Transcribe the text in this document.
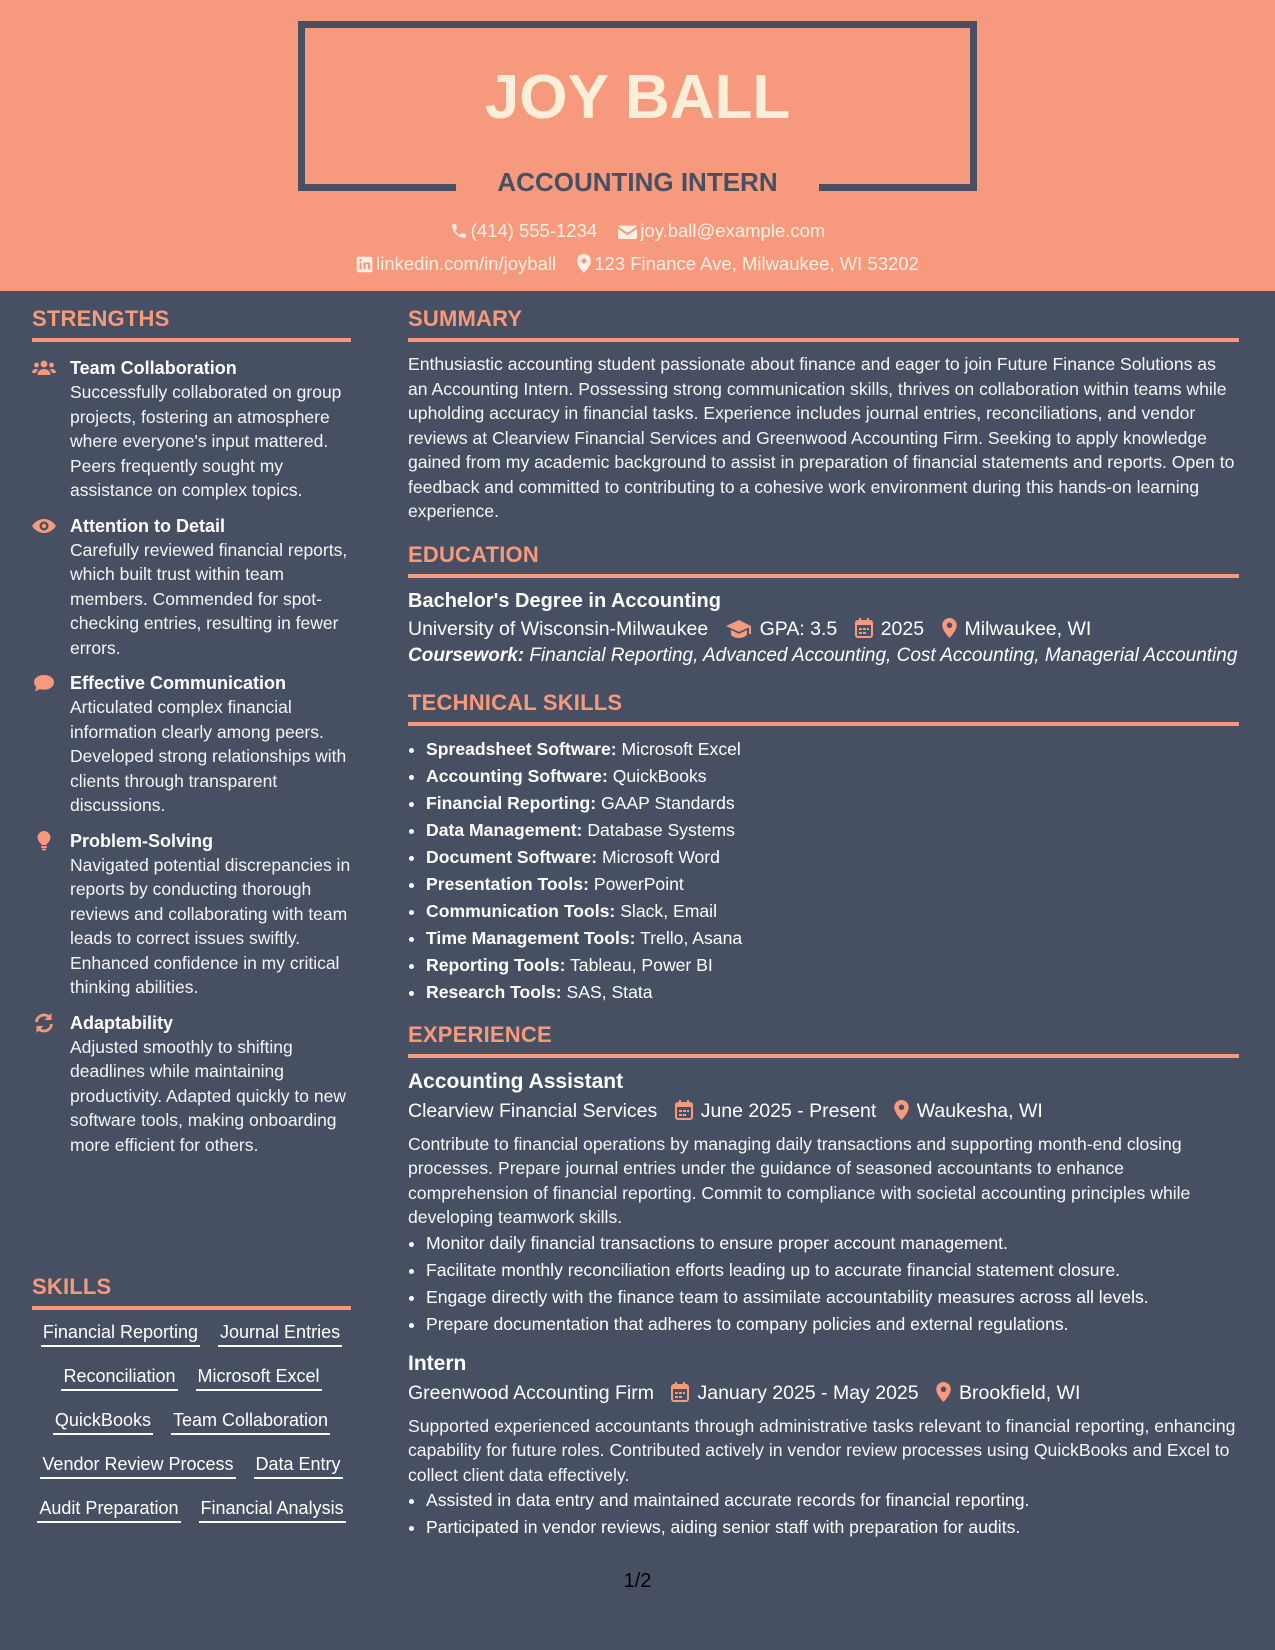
JOY BALL
ACCOUNTING INTERN
(414) 555-1234 joy.ball@example.com
linkedin.com/in/joyball 123 Finance Ave, Milwaukee, WI 53202
STRENGTHS
Team Collaboration
Successfully collaborated on group projects, fostering an atmosphere where everyone's input mattered. Peers frequently sought my assistance on complex topics.
Attention to Detail
Carefully reviewed financial reports, which built trust within team members. Commended for spot-checking entries, resulting in fewer errors.
Effective Communication
Articulated complex financial information clearly among peers. Developed strong relationships with clients through transparent discussions.
Problem-Solving
Navigated potential discrepancies in reports by conducting thorough reviews and collaborating with team leads to correct issues swiftly. Enhanced confidence in my critical thinking abilities.
Adaptability
Adjusted smoothly to shifting deadlines while maintaining productivity. Adapted quickly to new software tools, making onboarding more efficient for others.
SKILLS
Financial Reporting Journal Entries
Reconciliation Microsoft Excel
QuickBooks Team Collaboration
Vendor Review Process Data Entry
Audit Preparation Financial Analysis
SUMMARY
Enthusiastic accounting student passionate about finance and eager to join Future Finance Solutions as an Accounting Intern. Possessing strong communication skills, thrives on collaboration within teams while upholding accuracy in financial tasks. Experience includes journal entries, reconciliations, and vendor reviews at Clearview Financial Services and Greenwood Accounting Firm. Seeking to apply knowledge gained from my academic background to assist in preparation of financial statements and reports. Open to feedback and committed to contributing to a cohesive work environment during this hands-on learning experience.
EDUCATION
Bachelor's Degree in Accounting
University of Wisconsin-Milwaukee	GPA: 3.5 2025 Milwaukee, WI
Coursework: Financial Reporting, Advanced Accounting, Cost Accounting, Managerial Accounting
TECHNICAL SKILLS
• Spreadsheet Software: Microsoft Excel
• Accounting Software: QuickBooks
• Financial Reporting: GAAP Standards
• Data Management: Database Systems
• Document Software: Microsoft Word
• Presentation Tools: PowerPoint
• Communication Tools: Slack, Email
• Time Management Tools: Trello, Asana
• Reporting Tools: Tableau, Power BI
• Research Tools: SAS, Stata
EXPERIENCE
Accounting Assistant
Clearview Financial Services June 2025 - Present Waukesha, WI
Contribute to financial operations by managing daily transactions and supporting month-end closing processes. Prepare journal entries under the guidance of seasoned accountants to enhance comprehension of financial reporting. Commit to compliance with societal accounting principles while developing teamwork skills.
• Monitor daily financial transactions to ensure proper account management.
• Facilitate monthly reconciliation efforts leading up to accurate financial statement closure.
• Engage directly with the finance team to assimilate accountability measures across all levels.
• Prepare documentation that adheres to company policies and external regulations.
Intern
Greenwood Accounting Firm January 2025 - May 2025 Brookfield, WI
Supported experienced accountants through administrative tasks relevant to financial reporting, enhancing capability for future roles. Contributed actively in vendor review processes using QuickBooks and Excel to collect client data effectively.
• Assisted in data entry and maintained accurate records for financial reporting.
• Participated in vendor reviews, aiding senior staff with preparation for audits.
1/2
